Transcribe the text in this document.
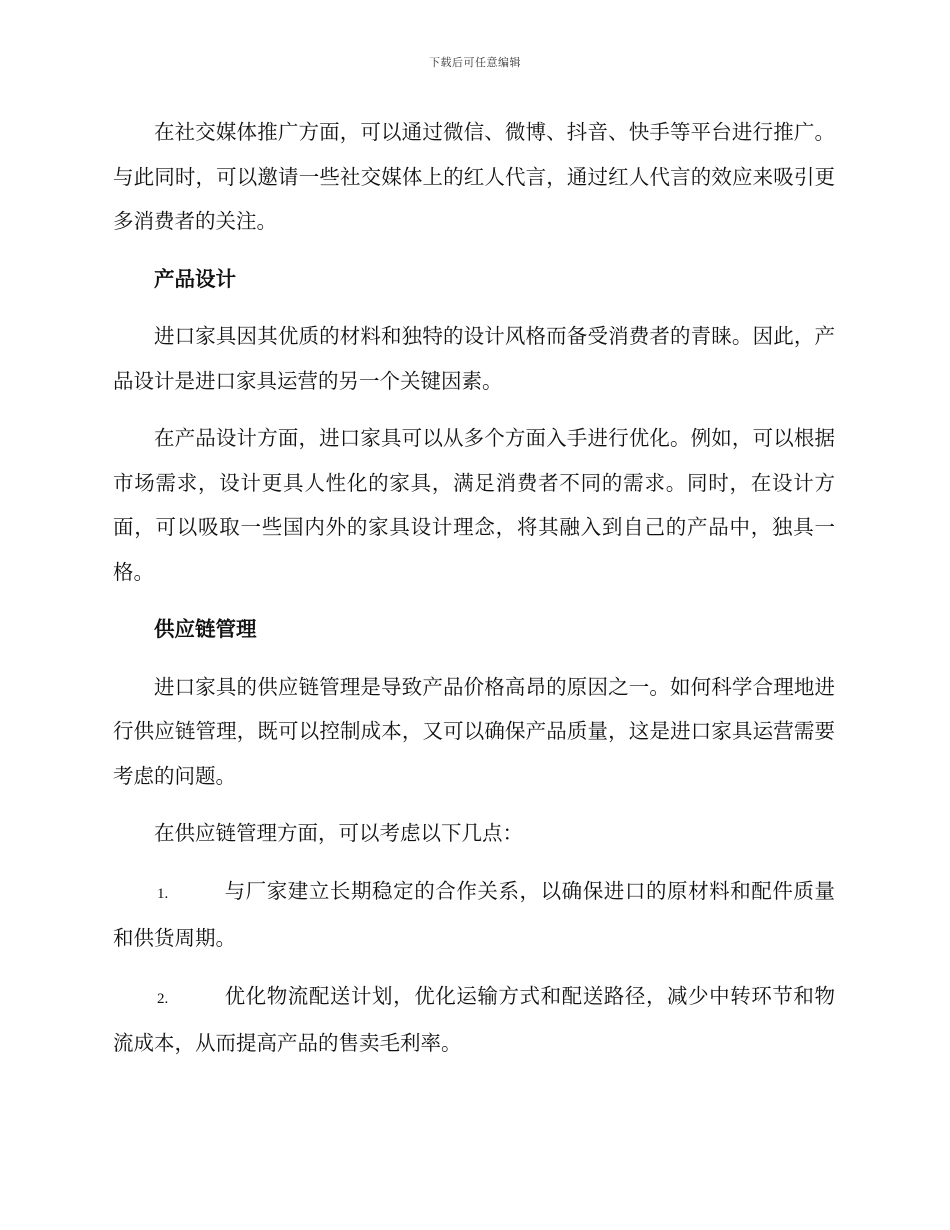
下载后可任意编辑

在社交媒体推广方面，可以通过微信、微博、抖音、快手等平台进行推广。与此同时，可以邀请一些社交媒体上的红人代言，通过红人代言的效应来吸引更多消费者的关注。

产品设计

进口家具因其优质的材料和独特的设计风格而备受消费者的青睐。因此，产品设计是进口家具运营的另一个关键因素。

在产品设计方面，进口家具可以从多个方面入手进行优化。例如，可以根据市场需求，设计更具人性化的家具，满足消费者不同的需求。同时，在设计方面，可以吸取一些国内外的家具设计理念，将其融入到自己的产品中，独具一格。

供应链管理

进口家具的供应链管理是导致产品价格高昂的原因之一。如何科学合理地进行供应链管理，既可以控制成本，又可以确保产品质量，这是进口家具运营需要考虑的问题。

在供应链管理方面，可以考虑以下几点：

1.	与厂家建立长期稳定的合作关系，以确保进口的原材料和配件质量和供货周期。
2.	优化物流配送计划，优化运输方式和配送路径，减少中转环节和物流成本，从而提高产品的售卖毛利率。
